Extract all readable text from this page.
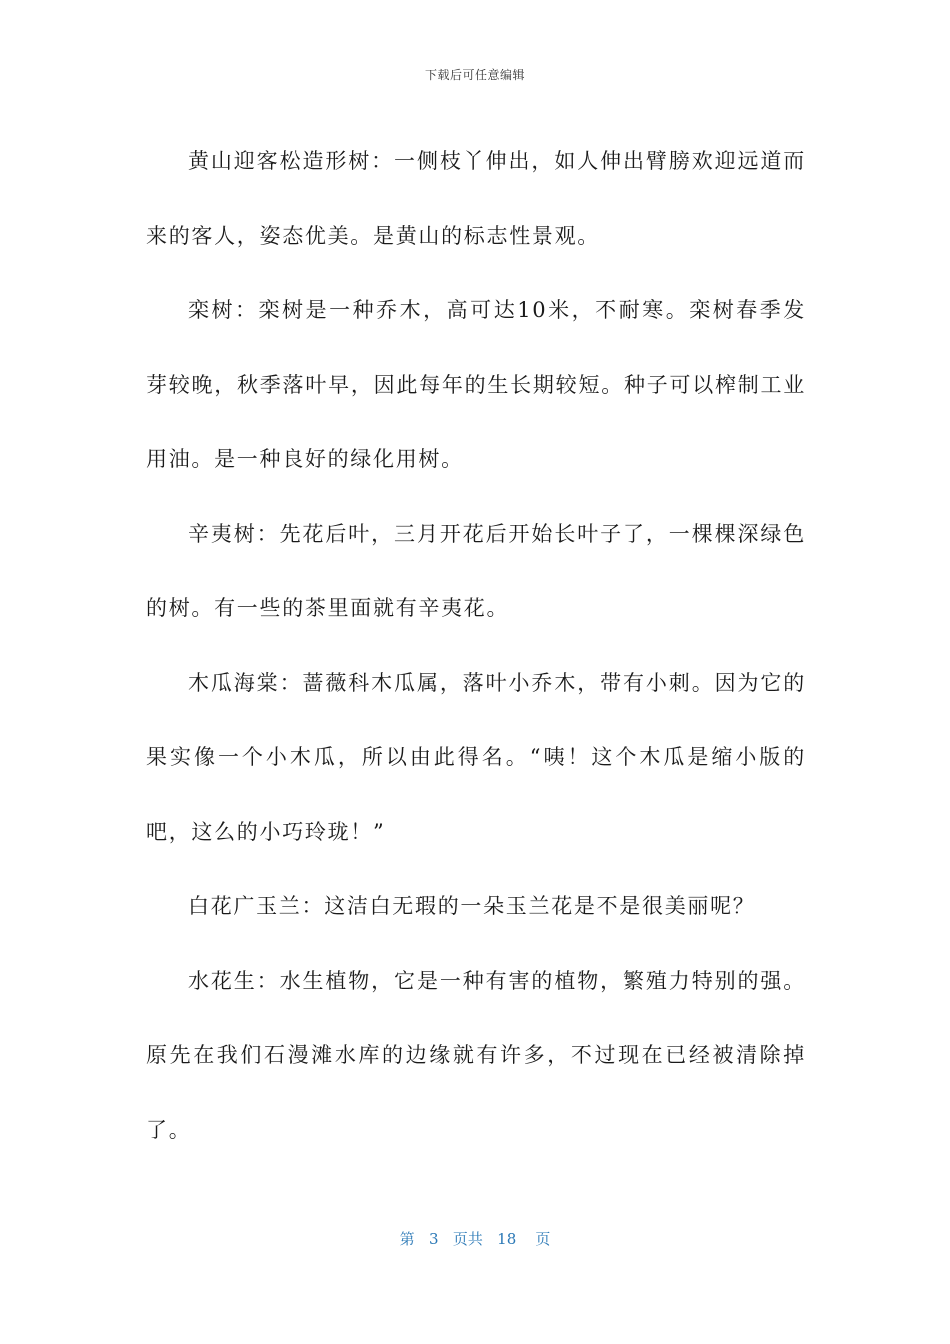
下载后可任意编辑

黄山迎客松造形树：一侧枝丫伸出，如人伸出臂膀欢迎远道而来的客人，姿态优美。是黄山的标志性景观。

栾树：栾树是一种乔木，高可达10米，不耐寒。栾树春季发芽较晚，秋季落叶早，因此每年的生长期较短。种子可以榨制工业用油。是一种良好的绿化用树。

辛夷树：先花后叶，三月开花后开始长叶子了，一棵棵深绿色的树。有一些的茶里面就有辛夷花。

木瓜海棠：蔷薇科木瓜属，落叶小乔木，带有小刺。因为它的果实像一个小木瓜，所以由此得名。“咦！这个木瓜是缩小版的吧，这么的小巧玲珑！”

白花广玉兰：这洁白无瑕的一朵玉兰花是不是很美丽呢？

水花生：水生植物，它是一种有害的植物，繁殖力特别的强。原先在我们石漫滩水库的边缘就有许多，不过现在已经被清除掉了。

第 3 页共 18 页
